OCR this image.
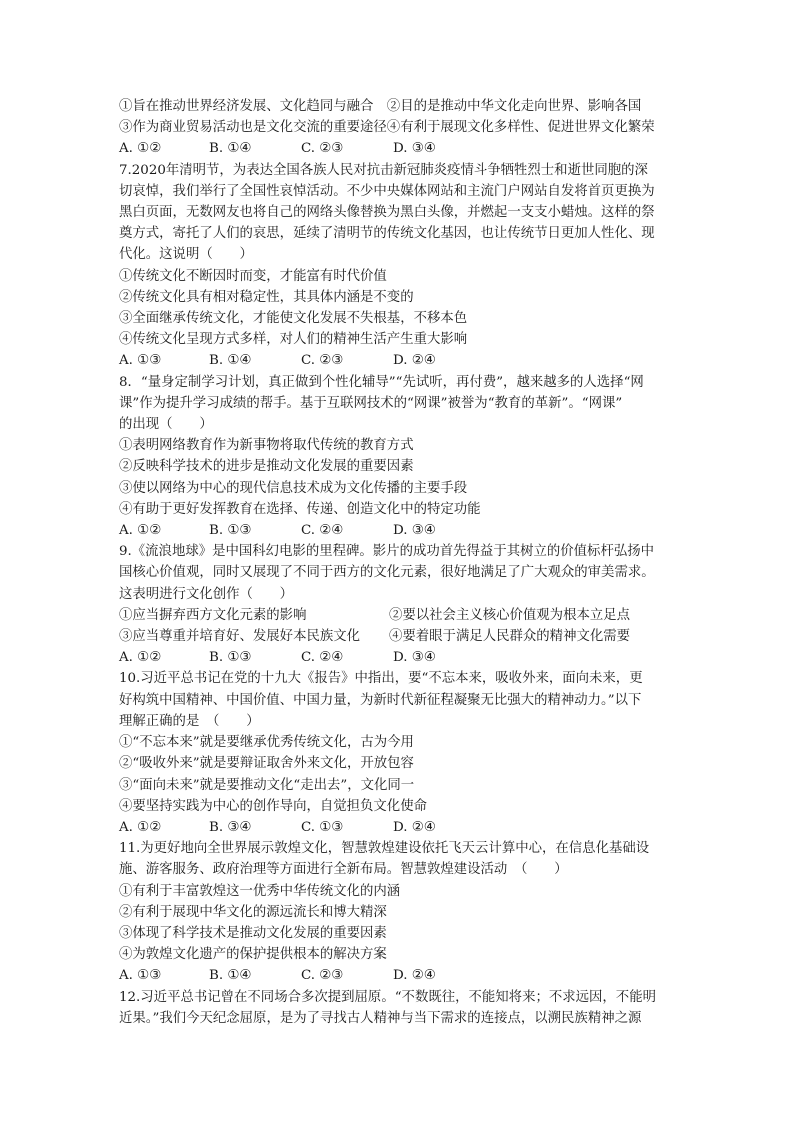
①旨在推动世界经济发展、文化趋同与融合　②目的是推动中华文化走向世界、影响各国
③作为商业贸易活动也是文化交流的重要途径④有利于展现文化多样性、促进世界文化繁荣
A. ①②	B. ①④	C. ②③	D. ③④
7.2020年清明节，为表达全国各族人民对抗击新冠肺炎疫情斗争牺牲烈士和逝世同胞的深
切哀悼，我们举行了全国性哀悼活动。不少中央媒体网站和主流门户网站自发将首页更换为
黑白页面，无数网友也将自己的网络头像替换为黑白头像，并燃起一支支小蜡烛。这样的祭
奠方式，寄托了人们的哀思，延续了清明节的传统文化基因，也让传统节日更加人性化、现
代化。这说明（　　）
①传统文化不断因时而变，才能富有时代价值
②传统文化具有相对稳定性，其具体内涵是不变的
③全面继承传统文化，才能使文化发展不失根基，不移本色
④传统文化呈现方式多样，对人们的精神生活产生重大影响
A. ①③	B. ①④	C. ②③	D. ②④
8．“量身定制学习计划，真正做到个性化辅导”“先试听，再付费”，越来越多的人选择“网
课”作为提升学习成绩的帮手。基于互联网技术的“网课”被誉为“教育的革新”。“网课”
的出现（　　）
①表明网络教育作为新事物将取代传统的教育方式
②反映科学技术的进步是推动文化发展的重要因素
③使以网络为中心的现代信息技术成为文化传播的主要手段
④有助于更好发挥教育在选择、传递、创造文化中的特定功能
A. ①②	B. ①③	C. ②④	D. ③④
9.《流浪地球》是中国科幻电影的里程碑。影片的成功首先得益于其树立的价值标杆弘扬中
国核心价值观，同时又展现了不同于西方的文化元素，很好地满足了广大观众的审美需求。
这表明进行文化创作（　　）
①应当摒弃西方文化元素的影响	②要以社会主义核心价值观为根本立足点
③应当尊重并培育好、发展好本民族文化 ④要着眼于满足人民群众的精神文化需要
A. ①②	B. ①③	C. ②④	D. ③④
10.习近平总书记在党的十九大《报告》中指出，要“不忘本来，吸收外来，面向未来，更
好构筑中国精神、中国价值、中国力量，为新时代新征程凝聚无比强大的精神动力。”以下
理解正确的是　（　　）
①“不忘本来”就是要继承优秀传统文化，古为今用
②“吸收外来”就是要辩证取舍外来文化，开放包容
③“面向未来”就是要推动文化“走出去”，文化同一
④要坚持实践为中心的创作导向，自觉担负文化使命
A. ①②	B. ③④	C. ①③	D. ②④
11.为更好地向全世界展示敦煌文化，智慧敦煌建设依托飞天云计算中心，在信息化基础设
施、游客服务、政府治理等方面进行全新布局。智慧敦煌建设活动　（　　）
①有利于丰富敦煌这一优秀中华传统文化的内涵
②有利于展现中华文化的源远流长和博大精深
③体现了科学技术是推动文化发展的重要因素
④为敦煌文化遗产的保护提供根本的解决方案
A. ①③	B. ①④	C. ②③	D. ②④
12.习近平总书记曾在不同场合多次提到屈原。“不数既往，不能知将来；不求远因，不能明
近果。”我们今天纪念屈原，是为了寻找古人精神与当下需求的连接点，以溯民族精神之源
